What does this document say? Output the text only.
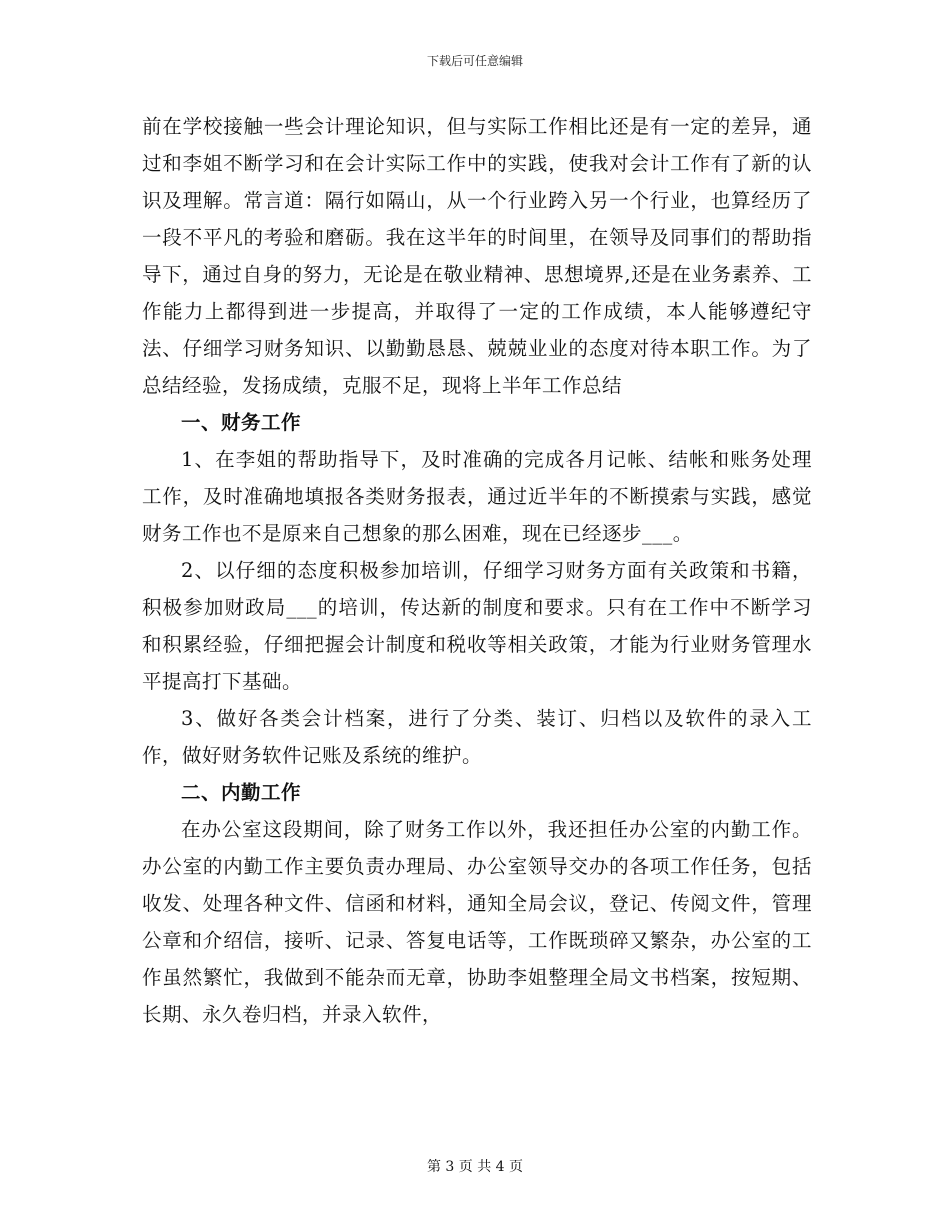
下载后可任意编辑

前在学校接触一些会计理论知识，但与实际工作相比还是有一定的差异，通过和李姐不断学习和在会计实际工作中的实践，使我对会计工作有了新的认识及理解。常言道：隔行如隔山，从一个行业跨入另一个行业，也算经历了一段不平凡的考验和磨砺。我在这半年的时间里，在领导及同事们的帮助指导下，通过自身的努力，无论是在敬业精神、思想境界,还是在业务素养、工作能力上都得到进一步提高，并取得了一定的工作成绩，本人能够遵纪守法、仔细学习财务知识、以勤勤恳恳、兢兢业业的态度对待本职工作。为了总结经验，发扬成绩，克服不足，现将上半年工作总结

一、财务工作

1、在李姐的帮助指导下，及时准确的完成各月记帐、结帐和账务处理工作，及时准确地填报各类财务报表，通过近半年的不断摸索与实践，感觉财务工作也不是原来自己想象的那么困难，现在已经逐步___。

2、以仔细的态度积极参加培训，仔细学习财务方面有关政策和书籍，积极参加财政局___的培训，传达新的制度和要求。只有在工作中不断学习和积累经验，仔细把握会计制度和税收等相关政策，才能为行业财务管理水平提高打下基础。

3、做好各类会计档案，进行了分类、装订、归档以及软件的录入工作，做好财务软件记账及系统的维护。

二、内勤工作

在办公室这段期间，除了财务工作以外，我还担任办公室的内勤工作。办公室的内勤工作主要负责办理局、办公室领导交办的各项工作任务，包括收发、处理各种文件、信函和材料，通知全局会议，登记、传阅文件，管理公章和介绍信，接听、记录、答复电话等，工作既琐碎又繁杂，办公室的工作虽然繁忙，我做到不能杂而无章，协助李姐整理全局文书档案，按短期、长期、永久卷归档，并录入软件，

第 3 页 共 4 页
